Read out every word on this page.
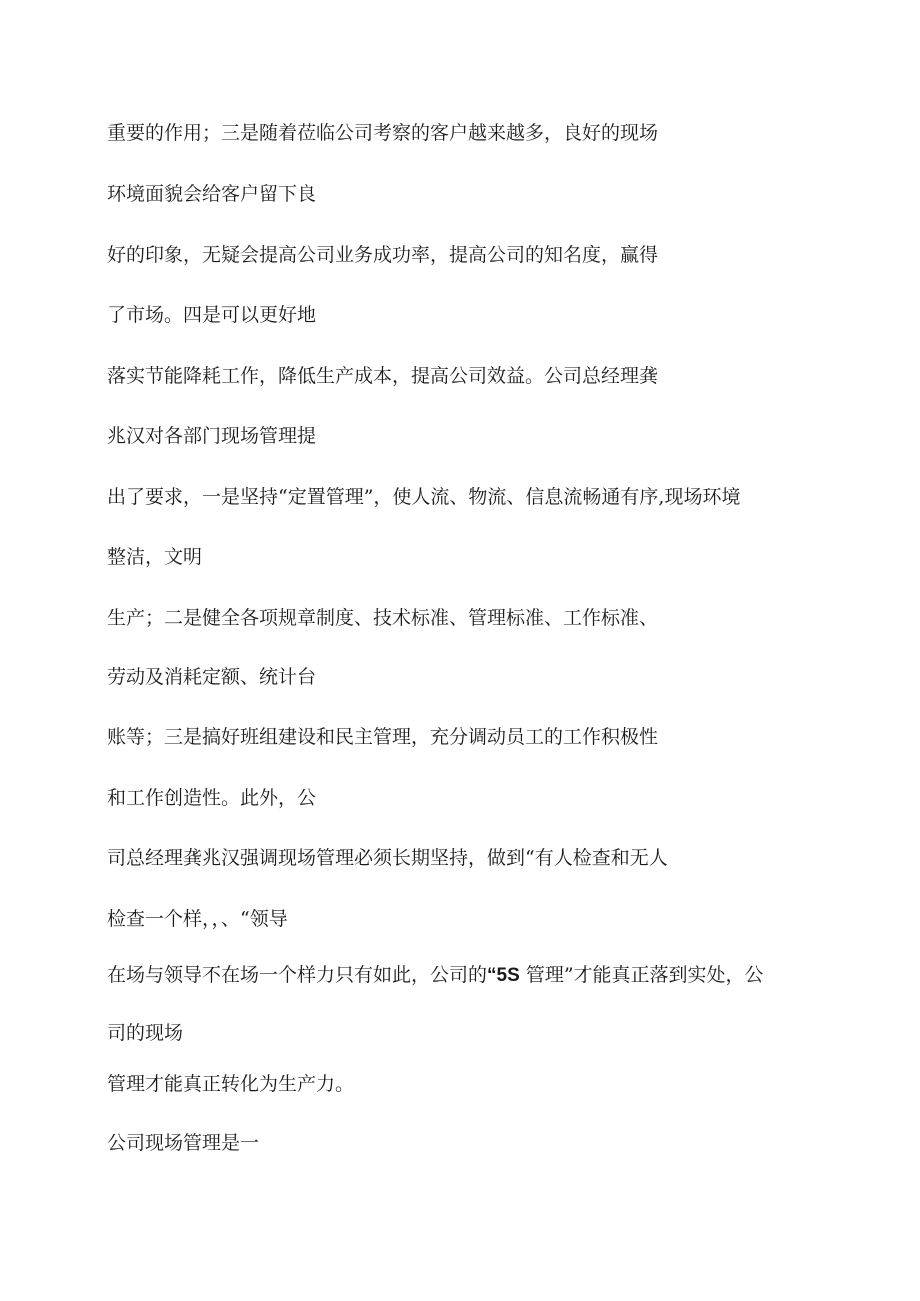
重要的作用；三是随着莅临公司考察的客户越来越多，良好的现场

环境面貌会给客户留下良

好的印象，无疑会提高公司业务成功率，提高公司的知名度，赢得

了市场。四是可以更好地

落实节能降耗工作，降低生产成本，提高公司效益。公司总经理龚

兆汉对各部门现场管理提

出了要求，一是坚持“定置管理”，使人流、物流、信息流畅通有序,现场环境

整洁，文明

生产；二是健全各项规章制度、技术标准、管理标准、工作标准、

劳动及消耗定额、统计台

账等；三是搞好班组建设和民主管理，充分调动员工的工作积极性

和工作创造性。此外，公

司总经理龚兆汉强调现场管理必须长期坚持，做到“有人检查和无人

检查一个样，，、“领导

在场与领导不在场一个样力只有如此，公司的“5S 管理”才能真正落到实处，公

司的现场

管理才能真正转化为生产力。

公司现场管理是一
